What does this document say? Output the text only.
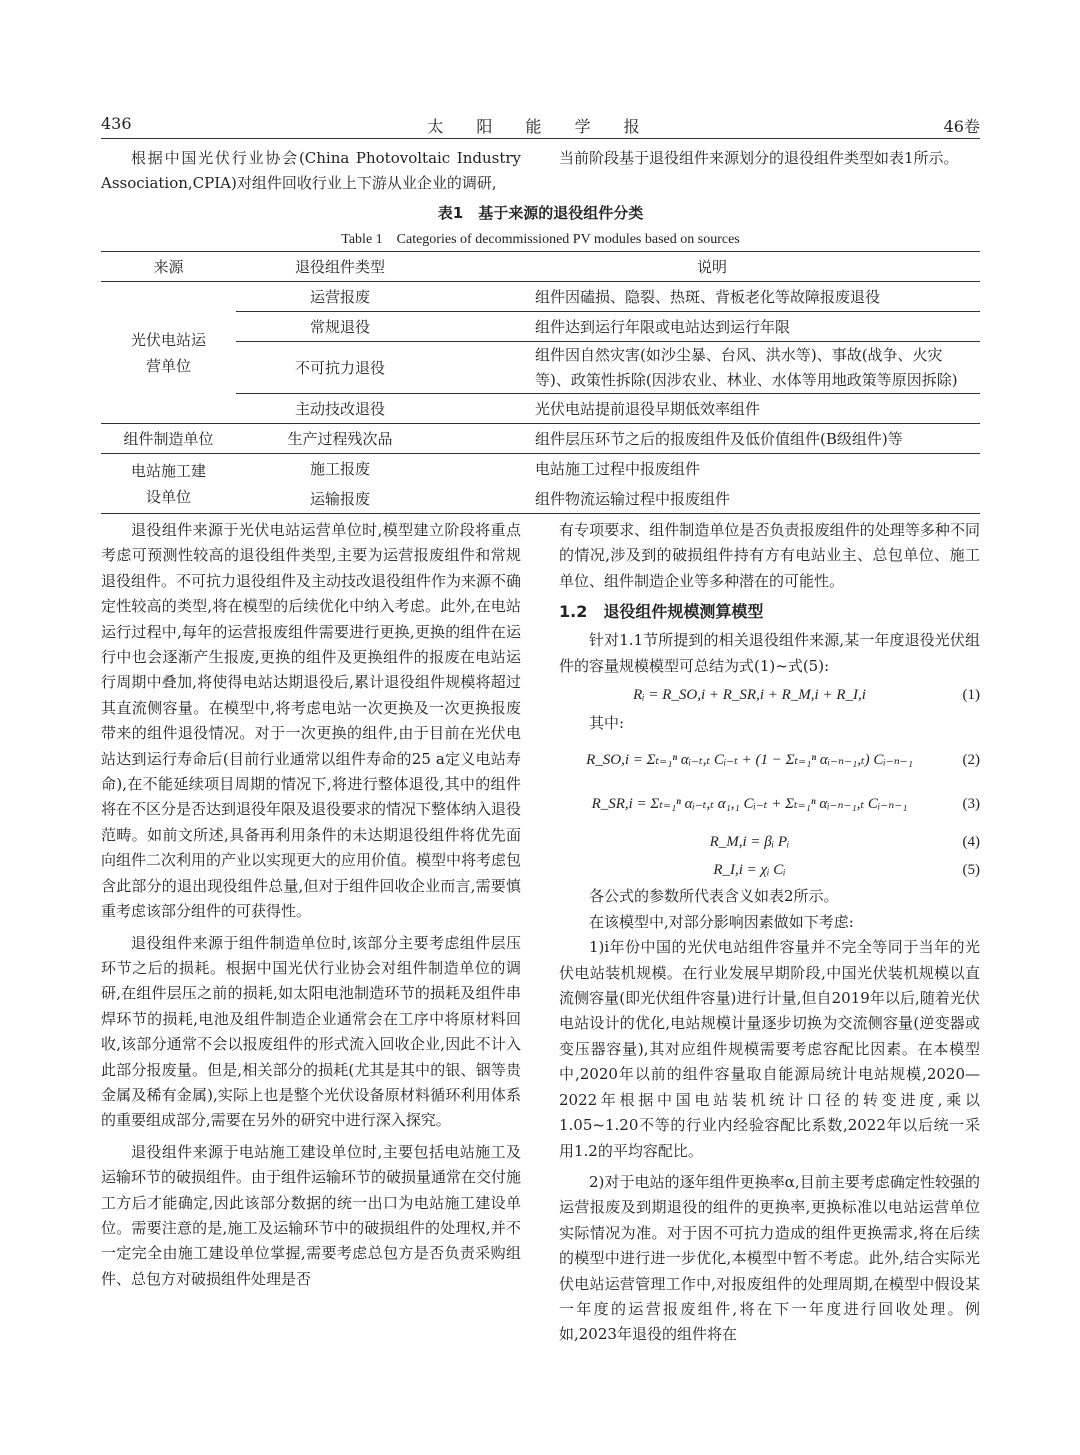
436	太 阳 能 学 报	46卷

根据中国光伏行业协会(China Photovoltaic Industry Association,CPIA)对组件回收行业上下游从业企业的调研,

当前阶段基于退役组件来源划分的退役组件类型如表1所示。

表1　基于来源的退役组件分类
Table 1　Categories of decommissioned PV modules based on sources
来源	退役组件类型	说明
光伏电站运营单位	运营报废	组件因磕损、隐裂、热斑、背板老化等故障报废退役
	常规退役	组件达到运行年限或电站达到运行年限
	不可抗力退役	组件因自然灾害(如沙尘暴、台风、洪水等)、事故(战争、火灾等)、政策性拆除(因涉农业、林业、水体等用地政策等原因拆除)
	主动技改退役	光伏电站提前退役早期低效率组件
组件制造单位	生产过程残次品	组件层压环节之后的报废组件及低价值组件(B级组件)等
电站施工建设单位	施工报废	电站施工过程中报废组件
	运输报废	组件物流运输过程中报废组件

退役组件来源于光伏电站运营单位时,模型建立阶段将重点考虑可预测性较高的退役组件类型,主要为运营报废组件和常规退役组件。不可抗力退役组件及主动技改退役组件作为来源不确定性较高的类型,将在模型的后续优化中纳入考虑。此外,在电站运行过程中,每年的运营报废组件需要进行更换,更换的组件在运行中也会逐渐产生报废,更换的组件及更换组件的报废在电站运行周期中叠加,将使得电站达期退役后,累计退役组件规模将超过其直流侧容量。在模型中,将考虑电站一次更换及一次更换报废带来的组件退役情况。对于一次更换的组件,由于目前在光伏电站达到运行寿命后(目前行业通常以组件寿命的25 a定义电站寿命),在不能延续项目周期的情况下,将进行整体退役,其中的组件将在不区分是否达到退役年限及退役要求的情况下整体纳入退役范畴。如前文所述,具备再利用条件的未达期退役组件将优先面向组件二次利用的产业以实现更大的应用价值。模型中将考虑包含此部分的退出现役组件总量,但对于组件回收企业而言,需要慎重考虑该部分组件的可获得性。

退役组件来源于组件制造单位时,该部分主要考虑组件层压环节之后的损耗。根据中国光伏行业协会对组件制造单位的调研,在组件层压之前的损耗,如太阳电池制造环节的损耗及组件串焊环节的损耗,电池及组件制造企业通常会在工序中将原材料回收,该部分通常不会以报废组件的形式流入回收企业,因此不计入此部分报废量。但是,相关部分的损耗(尤其是其中的银、铟等贵金属及稀有金属),实际上也是整个光伏设备原材料循环利用体系的重要组成部分,需要在另外的研究中进行深入探究。

退役组件来源于电站施工建设单位时,主要包括电站施工及运输环节的破损组件。由于组件运输环节的破损量通常在交付施工方后才能确定,因此该部分数据的统一出口为电站施工建设单位。需要注意的是,施工及运输环节中的破损组件的处理权,并不一定完全由施工建设单位掌握,需要考虑总包方是否负责采购组件、总包方对破损组件处理是否

有专项要求、组件制造单位是否负责报废组件的处理等多种不同的情况,涉及到的破损组件持有方有电站业主、总包单位、施工单位、组件制造企业等多种潜在的可能性。

1.2　退役组件规模测算模型

针对1.1节所提到的相关退役组件来源,某一年度退役光伏组件的容量规模模型可总结为式(1)~式(5):

Rᵢ = R_SO,i + R_SR,i + R_M,i + R_I,i	(1)

其中:

R_SO,i = Σₜ₌₁ⁿ αᵢ₋ₜ,ₜ Cᵢ₋ₜ + (1 − Σₜ₌₁ⁿ αᵢ₋ₙ₋₁,ₜ) Cᵢ₋ₙ₋₁	(2)
R_SR,i = Σₜ₌₁ⁿ αᵢ₋ₜ,ₜ α₁,₁ Cᵢ₋ₜ + Σₜ₌₁ⁿ αᵢ₋ₙ₋₁,ₜ Cᵢ₋ₙ₋₁	(3)
R_M,i = βᵢ Pᵢ	(4)
R_I,i = χᵢ Cᵢ	(5)

各公式的参数所代表含义如表2所示。

在该模型中,对部分影响因素做如下考虑:

1)i年份中国的光伏电站组件容量并不完全等同于当年的光伏电站装机规模。在行业发展早期阶段,中国光伏装机规模以直流侧容量(即光伏组件容量)进行计量,但自2019年以后,随着光伏电站设计的优化,电站规模计量逐步切换为交流侧容量(逆变器或变压器容量),其对应组件规模需要考虑容配比因素。在本模型中,2020年以前的组件容量取自能源局统计电站规模,2020—2022年根据中国电站装机统计口径的转变进度,乘以1.05~1.20不等的行业内经验容配比系数,2022年以后统一采用1.2的平均容配比。

2)对于电站的逐年组件更换率α,目前主要考虑确定性较强的运营报废及到期退役的组件的更换率,更换标准以电站运营单位实际情况为准。对于因不可抗力造成的组件更换需求,将在后续的模型中进行进一步优化,本模型中暂不考虑。此外,结合实际光伏电站运营管理工作中,对报废组件的处理周期,在模型中假设某一年度的运营报废组件,将在下一年度进行回收处理。例如,2023年退役的组件将在
